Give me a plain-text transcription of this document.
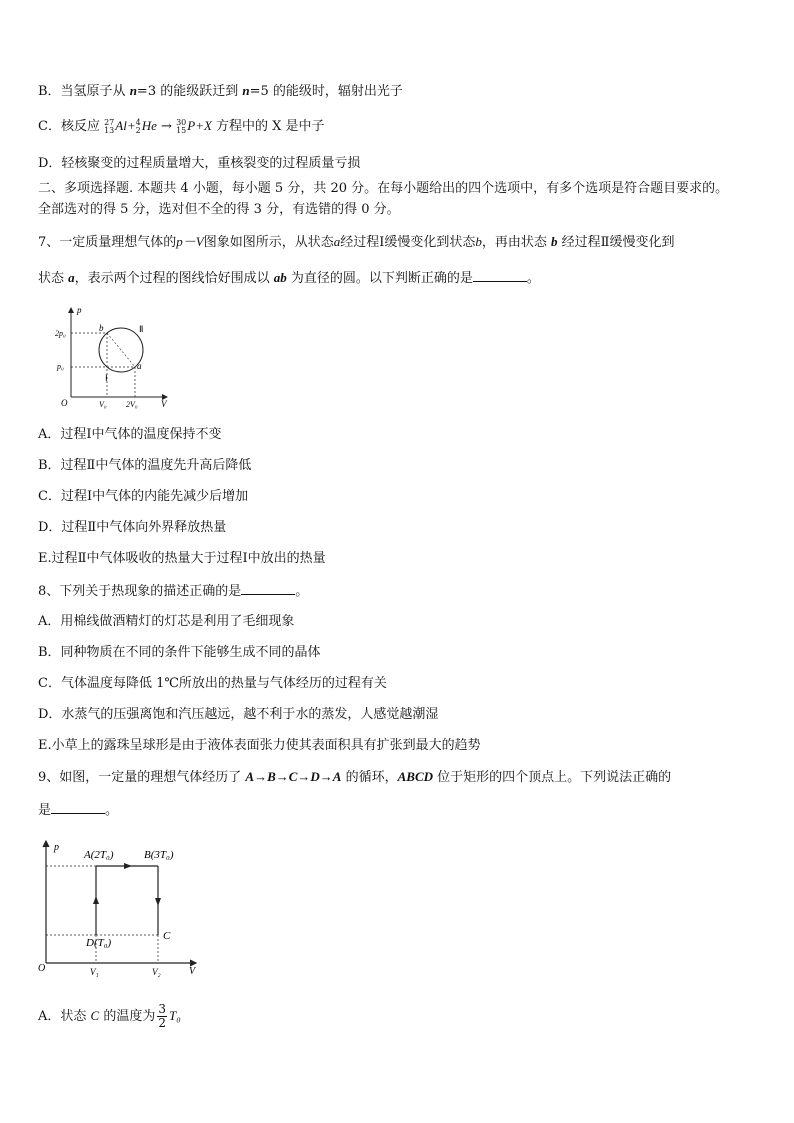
B．当氢原子从 n=3 的能级跃迁到 n=5 的能级时，辐射出光子
C．核反应 27
13 Al+ 4
2 He → 30
15 P+X 方程中的 X 是中子
D．轻核聚变的过程质量增大，重核裂变的过程质量亏损
二、多项选择题. 本题共 4 小题，每小题 5 分，共 20 分。在每小题给出的四个选项中，有多个选项是符合题目要求的。
全部选对的得 5 分，选对但不全的得 3 分，有选错的得 0 分。
7、一定质量理想气体的p－V图象如图所示，从状态a经过程Ⅰ缓慢变化到状态b，再由状态 b 经过程Ⅱ缓慢变化到
状态 a，表示两个过程的图线恰好围成以 ab 为直径的圆。以下判断正确的是	。
p
V
O
2p₀
p₀
V₀ 2V₀
b
a
Ⅱ
Ⅰ
A．过程Ⅰ中气体的温度保持不变
B．过程Ⅱ中气体的温度先升高后降低
C．过程Ⅰ中气体的内能先减少后增加
D．过程Ⅱ中气体向外界释放热量
E.过程Ⅱ中气体吸收的热量大于过程Ⅰ中放出的热量
8、下列关于热现象的描述正确的是	。
A．用棉线做酒精灯的灯芯是利用了毛细现象
B．同种物质在不同的条件下能够生成不同的晶体
C．气体温度每降低 1℃所放出的热量与气体经历的过程有关
D．水蒸气的压强离饱和汽压越远，越不利于水的蒸发，人感觉越潮湿
E.小草上的露珠呈球形是由于液体表面张力使其表面积具有扩张到最大的趋势
9、如图，一定量的理想气体经历了 A→B→C→D→A 的循环，ABCD 位于矩形的四个顶点上。下列说法正确的
是	。
p
V
O
A(2T₀)	B(3T₀)
C
D(T₀)
V₁	V₂
A．状态 C 的温度为 $\frac{3}{2} T_0$
